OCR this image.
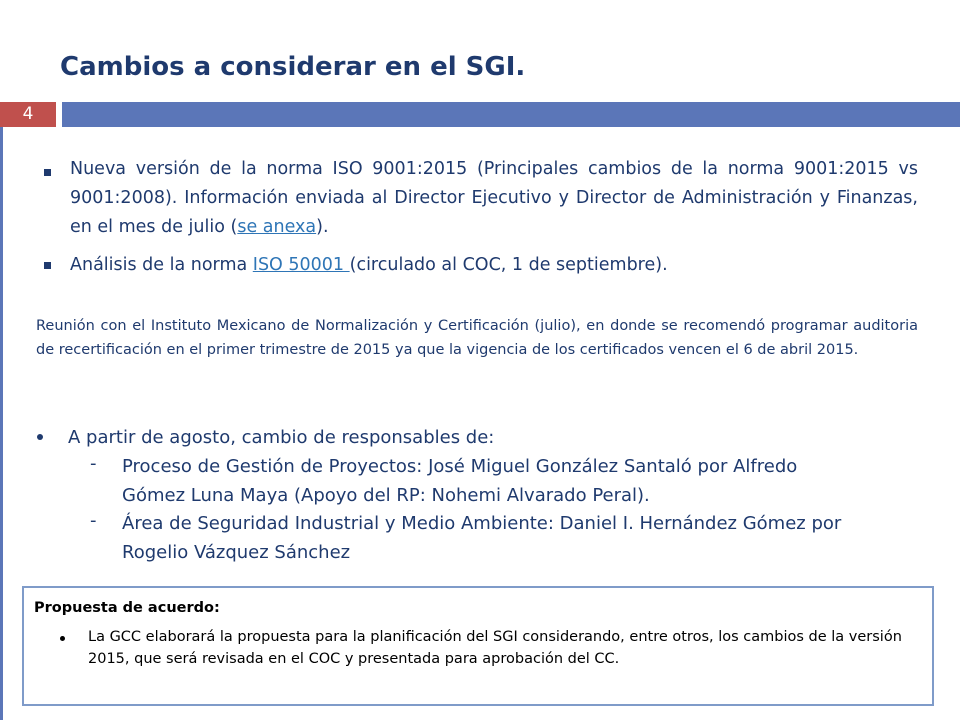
Cambios a considerar en el SGI.
4
Nueva versión de la norma ISO 9001:2015 (Principales cambios de la norma 9001:2015 vs 9001:2008). Información enviada al Director Ejecutivo y Director de Administración y Finanzas, en el mes de julio (se anexa).
Análisis de la norma ISO 50001 (circulado al COC, 1 de septiembre).
Reunión con el Instituto Mexicano de Normalización y Certificación (julio), en donde se recomendó programar auditoria de recertificación en el primer trimestre de 2015 ya que la vigencia de los certificados vencen el 6 de abril 2015.
A partir de agosto, cambio de responsables de:
- Proceso de Gestión de Proyectos: José Miguel González Santaló por Alfredo
Gómez Luna Maya (Apoyo del RP: Nohemi Alvarado Peral).
- Área de Seguridad Industrial y Medio Ambiente: Daniel I. Hernández Gómez por
Rogelio Vázquez Sánchez
Propuesta de acuerdo:
La GCC elaborará la propuesta para la planificación del SGI considerando, entre otros, los cambios de la versión 2015, que será revisada en el COC y presentada para aprobación del CC.
